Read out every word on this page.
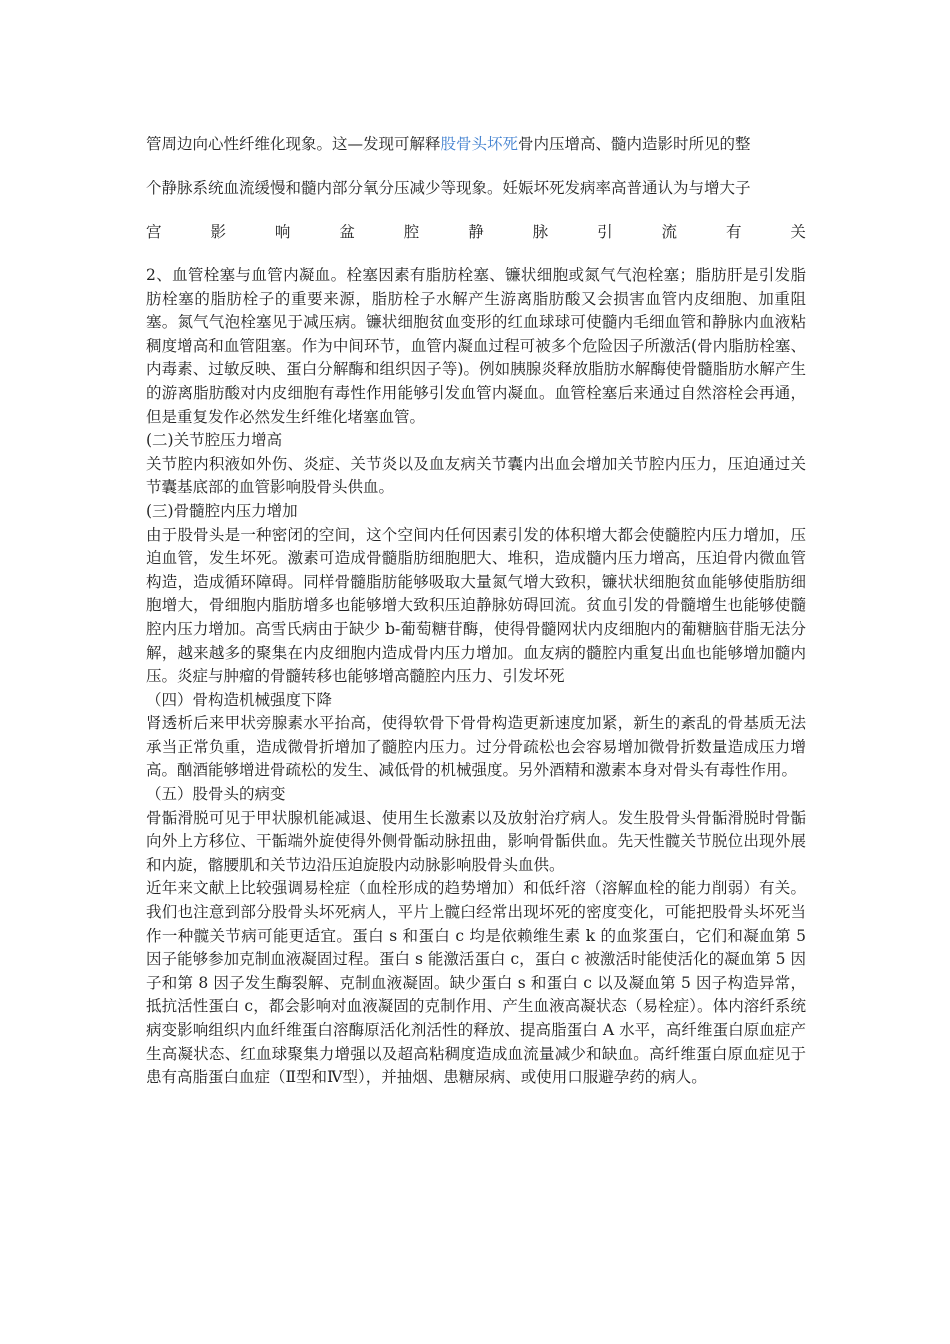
管周边向心性纤维化现象。这—发现可解释股骨头坏死骨内压增高、髓内造影时所见的整

个静脉系统血流缓慢和髓内部分氧分压减少等现象。妊娠坏死发病率高普通认为与增大子

宫	影	响	盆	腔	静	脉	引	流	有	关

2、血管栓塞与血管内凝血。栓塞因素有脂肪栓塞、镰状细胞或氮气气泡栓塞；脂肪肝是引发脂肪栓塞的脂肪栓子的重要来源，脂肪栓子水解产生游离脂肪酸又会损害血管内皮细胞、加重阻塞。氮气气泡栓塞见于减压病。镰状细胞贫血变形的红血球球可使髓内毛细血管和静脉内血液粘稠度增高和血管阻塞。作为中间环节，血管内凝血过程可被多个危险因子所激活(骨内脂肪栓塞、内毒素、过敏反映、蛋白分解酶和组织因子等)。例如胰腺炎释放脂肪水解酶使骨髓脂肪水解产生的游离脂肪酸对内皮细胞有毒性作用能够引发血管内凝血。血管栓塞后来通过自然溶栓会再通，但是重复发作必然发生纤维化堵塞血管。

(二)关节腔压力增高

关节腔内积液如外伤、炎症、关节炎以及血友病关节囊内出血会增加关节腔内压力，压迫通过关节囊基底部的血管影响股骨头供血。

(三)骨髓腔内压力增加

由于股骨头是一种密闭的空间，这个空间内任何因素引发的体积增大都会使髓腔内压力增加，压迫血管，发生坏死。激素可造成骨髓脂肪细胞肥大、堆积，造成髓内压力增高，压迫骨内微血管构造，造成循环障碍。同样骨髓脂肪能够吸取大量氮气增大致积，镰状状细胞贫血能够使脂肪细胞增大，骨细胞内脂肪增多也能够增大致积压迫静脉妨碍回流。贫血引发的骨髓增生也能够使髓腔内压力增加。高雪氏病由于缺少 b-葡萄糖苷酶，使得骨髓网状内皮细胞内的葡糖脑苷脂无法分解，越来越多的聚集在内皮细胞内造成骨内压力增加。血友病的髓腔内重复出血也能够增加髓内压。炎症与肿瘤的骨髓转移也能够增高髓腔内压力、引发坏死

（四）骨构造机械强度下降

肾透析后来甲状旁腺素水平抬高，使得软骨下骨骨构造更新速度加紧，新生的紊乱的骨基质无法承当正常负重，造成微骨折增加了髓腔内压力。过分骨疏松也会容易增加微骨折数量造成压力增高。酗酒能够增进骨疏松的发生、减低骨的机械强度。另外酒精和激素本身对骨头有毒性作用。

（五）股骨头的病变

骨骺滑脱可见于甲状腺机能减退、使用生长激素以及放射治疗病人。发生股骨头骨骺滑脱时骨骺向外上方移位、干骺端外旋使得外侧骨骺动脉扭曲，影响骨骺供血。先天性髋关节脱位出现外展和内旋，髂腰肌和关节边沿压迫旋股内动脉影响股骨头血供。

近年来文献上比较强调易栓症（血栓形成的趋势增加）和低纤溶（溶解血栓的能力削弱）有关。我们也注意到部分股骨头坏死病人，平片上髋臼经常出现坏死的密度变化，可能把股骨头坏死当作一种髋关节病可能更适宜。蛋白 s 和蛋白 c 均是依赖维生素 k 的血浆蛋白，它们和凝血第 5 因子能够参加克制血液凝固过程。蛋白 s 能激活蛋白 c，蛋白 c 被激活时能使活化的凝血第 5 因子和第 8 因子发生酶裂解、克制血液凝固。缺少蛋白 s 和蛋白 c 以及凝血第 5 因子构造异常，抵抗活性蛋白 c，都会影响对血液凝固的克制作用、产生血液高凝状态（易栓症）。体内溶纤系统病变影响组织内血纤维蛋白溶酶原活化剂活性的释放、提高脂蛋白 A 水平，高纤维蛋白原血症产生高凝状态、红血球聚集力增强以及超高粘稠度造成血流量减少和缺血。高纤维蛋白原血症见于患有高脂蛋白血症（Ⅱ型和Ⅳ型），并抽烟、患糖尿病、或使用口服避孕药的病人。
